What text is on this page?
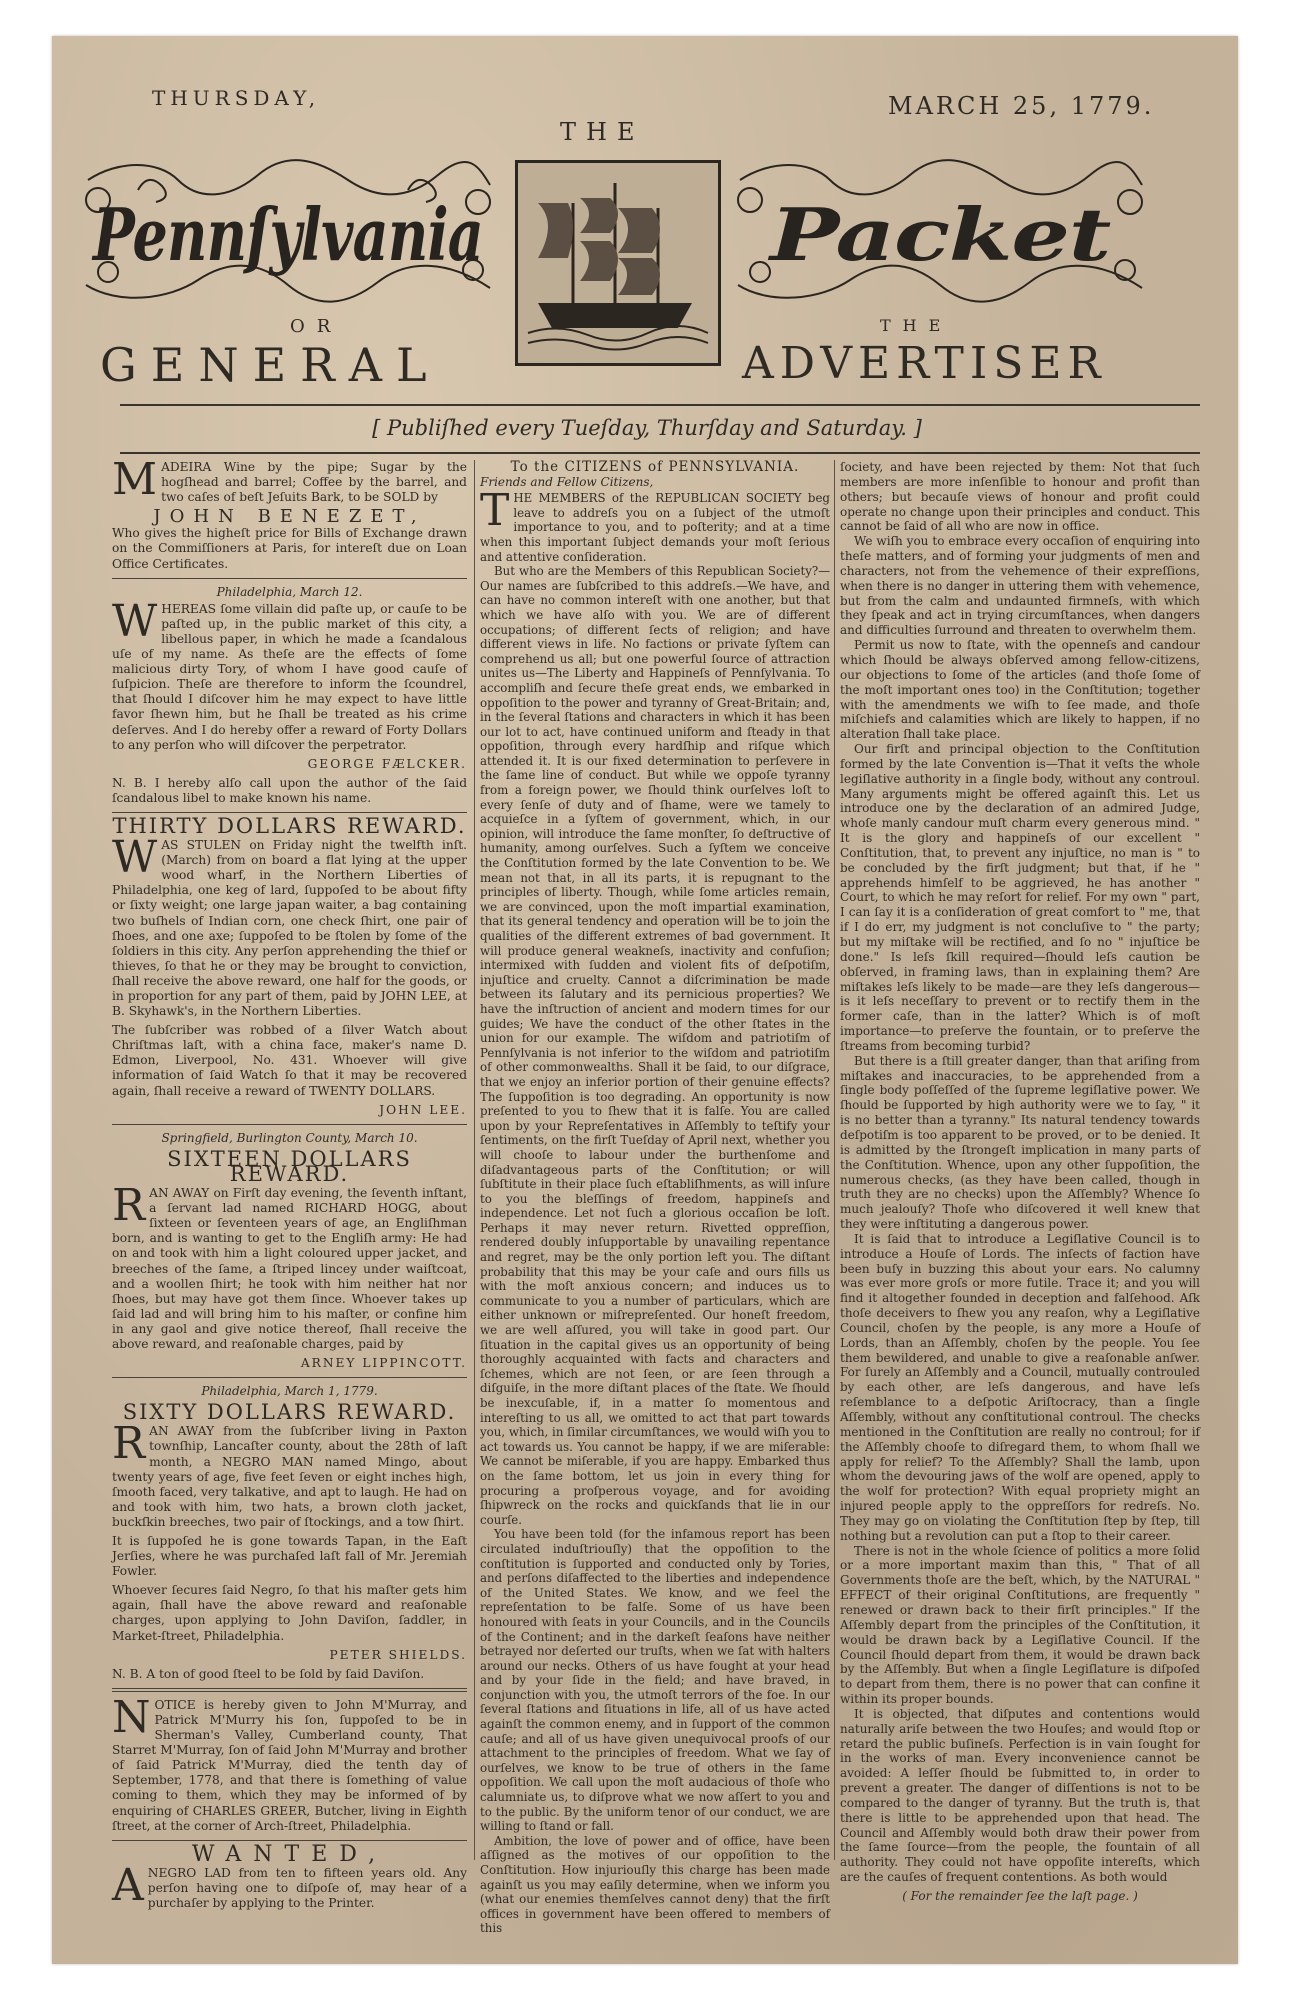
THURSDAY,	MARCH 25, 1779.
THE
Pennſylvania	Packet
OR	THE
GENERAL	ADVERTISER
[ Publiſhed every Tueſday, Thurſday and Saturday. ]
M ADEIRA Wine by the pipe; Sugar by the hogſhead and barrel; Coffee by the barrel, and two caſes of beſt Jeſuits Bark, to be SOLD by

JOHN BENEZET,

Who gives the higheſt price for Bills of Exchange drawn on the Commiſſioners at Paris, for intereſt due on Loan Office Certificates.

Philadelphia, March 12.
W HEREAS ſome villain did paſte up, or cauſe to be paſted up, in the public market of this city, a libellous paper, in which he made a ſcandalous uſe of my name. As theſe are the effects of ſome malicious dirty Tory, of whom I have good cauſe of ſuſpicion. Theſe are therefore to inform the ſcoundrel, that ſhould I diſcover him he may expect to have little favor ſhewn him, but he ſhall be treated as his crime deſerves. And I do hereby offer a reward of Forty Dollars to any perſon who will diſcover the perpetrator.

GEORGE FÆLCKER.

N. B. I hereby alſo call upon the author of the ſaid ſcandalous libel to make known his name.

THIRTY DOLLARS REWARD.
W AS STULEN on Friday night the twelfth inſt. (March) from on board a flat lying at the upper wood wharf, in the Northern Liberties of Philadelphia, one keg of lard, ſuppoſed to be about fifty or ſixty weight; one large japan waiter, a bag containing two buſhels of Indian corn, one check ſhirt, one pair of ſhoes, and one axe; ſuppoſed to be ſtolen by ſome of the ſoldiers in this city. Any perſon apprehending the thief or thieves, ſo that he or they may be brought to conviction, ſhall receive the above reward, one half for the goods, or in proportion for any part of them, paid by JOHN LEE, at B. Skyhawk's, in the Northern Liberties.

The ſubſcriber was robbed of a ſilver Watch about Chriſtmas laſt, with a china face, maker's name D. Edmon, Liverpool, No. 431. Whoever will give information of ſaid Watch ſo that it may be recovered again, ſhall receive a reward of TWENTY DOLLARS.

JOHN LEE.
Springfield, Burlington County, March 10.
SIXTEEN DOLLARS REWARD.
R AN AWAY on Firſt day evening, the ſeventh inſtant, a ſervant lad named RICHARD HOGG, about ſixteen or ſeventeen years of age, an Engliſhman born, and is wanting to get to the Engliſh army: He had on and took with him a light coloured upper jacket, and breeches of the ſame, a ſtriped lincey under waiſtcoat, and a woollen ſhirt; he took with him neither hat nor ſhoes, but may have got them ſince. Whoever takes up ſaid lad and will bring him to his maſter, or confine him in any gaol and give notice thereof, ſhall receive the above reward, and reaſonable charges, paid by

ARNEY LIPPINCOTT.
Philadelphia, March 1, 1779.
SIXTY DOLLARS REWARD.
R AN AWAY from the ſubſcriber living in Paxton townſhip, Lancaſter county, about the 28th of laſt month, a NEGRO MAN named Mingo, about twenty years of age, five feet ſeven or eight inches high, ſmooth faced, very talkative, and apt to laugh. He had on and took with him, two hats, a brown cloth jacket, buckſkin breeches, two pair of ſtockings, and a tow ſhirt.

It is ſuppoſed he is gone towards Tapan, in the Eaſt Jerſies, where he was purchaſed laſt fall of Mr. Jeremiah Fowler.

Whoever ſecures ſaid Negro, ſo that his maſter gets him again, ſhall have the above reward and reaſonable charges, upon applying to John Daviſon, ſaddler, in Market-ſtreet, Philadelphia.

PETER SHIELDS.

N. B. A ton of good ſteel to be ſold by ſaid Daviſon.

N OTICE is hereby given to John M'Murray, and Patrick M'Murry his ſon, ſuppoſed to be in Sherman's Valley, Cumberland county, That Starret M'Murray, ſon of ſaid John M'Murray and brother of ſaid Patrick M'Murray, died the tenth day of September, 1778, and that there is ſomething of value coming to them, which they may be informed of by enquiring of CHARLES GREER, Butcher, living in Eighth ſtreet, at the corner of Arch-ſtreet, Philadelphia.

WANTED,
A NEGRO LAD from ten to fifteen years old. Any perſon having one to diſpoſe of, may hear of a purchaſer by applying to the Printer.

To the CITIZENS of PENNSYLVANIA.
Friends and Fellow Citizens,
T HE MEMBERS of the REPUBLICAN SOCIETY beg leave to addreſs you on a ſubject of the utmoſt importance to you, and to poſterity; and at a time when this important ſubject demands your moſt ſerious and attentive conſideration.

But who are the Members of this Republican Society?—Our names are ſubſcribed to this addreſs.—We have, and can have no common intereſt with one another, but that which we have alſo with you. We are of different occupations; of different ſects of religion; and have different views in life. No factions or private ſyſtem can comprehend us all; but one powerful ſource of attraction unites us—The Liberty and Happineſs of Pennſylvania. To accompliſh and ſecure theſe great ends, we embarked in oppoſition to the power and tyranny of Great-Britain; and, in the ſeveral ſtations and characters in which it has been our lot to act, have continued uniform and ſteady in that oppoſition, through every hardſhip and riſque which attended it. It is our fixed determination to perſevere in the ſame line of conduct. But while we oppoſe tyranny from a foreign power, we ſhould think ourſelves loſt to every ſenſe of duty and of ſhame, were we tamely to acquieſce in a ſyſtem of government, which, in our opinion, will introduce the ſame monſter, ſo deſtructive of humanity, among ourſelves. Such a ſyſtem we conceive the Conſtitution formed by the late Convention to be. We mean not that, in all its parts, it is repugnant to the principles of liberty. Though, while ſome articles remain, we are convinced, upon the moſt impartial examination, that its general tendency and operation will be to join the qualities of the different extremes of bad government. It will produce general weakneſs, inactivity and confuſion; intermixed with ſudden and violent fits of deſpotiſm, injuſtice and cruelty. Cannot a diſcrimination be made between its ſalutary and its pernicious properties? We have the inſtruction of ancient and modern times for our guides; We have the conduct of the other ſtates in the union for our example. The wiſdom and patriotiſm of Pennſylvania is not inferior to the wiſdom and patriotiſm of other commonwealths. Shall it be ſaid, to our diſgrace, that we enjoy an inferior portion of their genuine effects? The ſuppoſition is too degrading. An opportunity is now preſented to you to ſhew that it is falſe. You are called upon by your Repreſentatives in Aſſembly to teſtify your ſentiments, on the firſt Tueſday of April next, whether you will chooſe to labour under the burthenſome and diſadvantageous parts of the Conſtitution; or will ſubſtitute in their place ſuch eſtabliſhments, as will inſure to you the bleſſings of freedom, happineſs and independence. Let not ſuch a glorious occaſion be loſt. Perhaps it may never return. Rivetted oppreſſion, rendered doubly inſupportable by unavailing repentance and regret, may be the only portion left you. The diſtant probability that this may be your caſe and ours fills us with the moſt anxious concern; and induces us to communicate to you a number of particulars, which are either unknown or miſrepreſented. Our honeſt freedom, we are well aſſured, you will take in good part. Our ſituation in the capital gives us an opportunity of being thoroughly acquainted with facts and characters and ſchemes, which are not ſeen, or are ſeen through a diſguiſe, in the more diſtant places of the ſtate. We ſhould be inexcuſable, if, in a matter ſo momentous and intereſting to us all, we omitted to act that part towards you, which, in ſimilar circumſtances, we would wiſh you to act towards us. You cannot be happy, if we are miſerable: We cannot be miſerable, if you are happy. Embarked thus on the ſame bottom, let us join in every thing for procuring a proſperous voyage, and for avoiding ſhipwreck on the rocks and quickſands that lie in our courſe.

You have been told (for the infamous report has been circulated induſtriouſly) that the oppoſition to the conſtitution is ſupported and conducted only by Tories, and perſons diſaffected to the liberties and independence of the United States. We know, and we feel the repreſentation to be falſe. Some of us have been honoured with ſeats in your Councils, and in the Councils of the Continent; and in the darkeſt ſeaſons have neither betrayed nor deſerted our truſts, when we ſat with halters around our necks. Others of us have fought at your head and by your ſide in the field; and have braved, in conjunction with you, the utmoſt terrors of the foe. In our ſeveral ſtations and ſituations in life, all of us have acted againſt the common enemy, and in ſupport of the common cauſe; and all of us have given unequivocal proofs of our attachment to the principles of freedom. What we ſay of ourſelves, we know to be true of others in the ſame oppoſition. We call upon the moſt audacious of thoſe who calumniate us, to diſprove what we now aſſert to you and to the public. By the uniform tenor of our conduct, we are willing to ſtand or fall.

Ambition, the love of power and of office, have been aſſigned as the motives of our oppoſition to the Conſtitution. How injuriouſly this charge has been made againſt us you may eaſily determine, when we inform you (what our enemies themſelves cannot deny) that the firſt offices in government have been offered to members of this

ſociety, and have been rejected by them: Not that ſuch members are more inſenſible to honour and profit than others; but becauſe views of honour and profit could operate no change upon their principles and conduct. This cannot be ſaid of all who are now in office.

We wiſh you to embrace every occaſion of enquiring into theſe matters, and of forming your judgments of men and characters, not from the vehemence of their expreſſions, when there is no danger in uttering them with vehemence, but from the calm and undaunted firmneſs, with which they ſpeak and act in trying circumſtances, when dangers and difficulties ſurround and threaten to overwhelm them.

Permit us now to ſtate, with the openneſs and candour which ſhould be always obſerved among fellow-citizens, our objections to ſome of the articles (and thoſe ſome of the moſt important ones too) in the Conſtitution; together with the amendments we wiſh to ſee made, and thoſe miſchiefs and calamities which are likely to happen, if no alteration ſhall take place.

Our firſt and principal objection to the Conſtitution formed by the late Convention is—That it veſts the whole legiſlative authority in a ſingle body, without any controul. Many arguments might be offered againſt this. Let us introduce one by the declaration of an admired Judge, whoſe manly candour muſt charm every generous mind. " It is the glory and happineſs of our excellent " Conſtitution, that, to prevent any injuſtice, no man is " to be concluded by the firſt judgment; but that, if he " apprehends himſelf to be aggrieved, he has another " Court, to which he may reſort for relief. For my own " part, I can ſay it is a conſideration of great comfort to " me, that if I do err, my judgment is not concluſive to " the party; but my miſtake will be rectified, and ſo no " injuſtice be done." Is leſs ſkill required—ſhould leſs caution be obſerved, in framing laws, than in explaining them? Are miſtakes leſs likely to be made—are they leſs dangerous—is it leſs neceſſary to prevent or to rectify them in the former caſe, than in the latter? Which is of moſt importance—to preſerve the fountain, or to preſerve the ſtreams from becoming turbid?

But there is a ſtill greater danger, than that ariſing from miſtakes and inaccuracies, to be apprehended from a ſingle body poſſeſſed of the ſupreme legiſlative power. We ſhould be ſupported by high authority were we to ſay, " it is no better than a tyranny." Its natural tendency towards deſpotiſm is too apparent to be proved, or to be denied. It is admitted by the ſtrongeſt implication in many parts of the Conſtitution. Whence, upon any other ſuppoſition, the numerous checks, (as they have been called, though in truth they are no checks) upon the Aſſembly? Whence ſo much jealouſy? Thoſe who diſcovered it well knew that they were inſtituting a dangerous power.

It is ſaid that to introduce a Legiſlative Council is to introduce a Houſe of Lords. The inſects of faction have been buſy in buzzing this about your ears. No calumny was ever more groſs or more futile. Trace it; and you will find it altogether founded in deception and falſehood. Aſk thoſe deceivers to ſhew you any reaſon, why a Legiſlative Council, choſen by the people, is any more a Houſe of Lords, than an Aſſembly, choſen by the people. You ſee them bewildered, and unable to give a reaſonable anſwer. For ſurely an Aſſembly and a Council, mutually controuled by each other, are leſs dangerous, and have leſs reſemblance to a deſpotic Ariſtocracy, than a ſingle Aſſembly, without any conſtitutional controul. The checks mentioned in the Conſtitution are really no controul; for if the Aſſembly chooſe to diſregard them, to whom ſhall we apply for relief? To the Aſſembly? Shall the lamb, upon whom the devouring jaws of the wolf are opened, apply to the wolf for protection? With equal propriety might an injured people apply to the oppreſſors for redreſs. No. They may go on violating the Conſtitution ſtep by ſtep, till nothing but a revolution can put a ſtop to their career.

There is not in the whole ſcience of politics a more ſolid or a more important maxim than this, " That of all Governments thoſe are the beſt, which, by the NATURAL " EFFECT of their original Conſtitutions, are frequently " renewed or drawn back to their firſt principles." If the Aſſembly depart from the principles of the Conſtitution, it would be drawn back by a Legiſlative Council. If the Council ſhould depart from them, it would be drawn back by the Aſſembly. But when a ſingle Legiſlature is diſpoſed to depart from them, there is no power that can confine it within its proper bounds.

It is objected, that diſputes and contentions would naturally ariſe between the two Houſes; and would ſtop or retard the public buſineſs. Perfection is in vain ſought for in the works of man. Every inconvenience cannot be avoided: A leſſer ſhould be ſubmitted to, in order to prevent a greater. The danger of diſſentions is not to be compared to the danger of tyranny. But the truth is, that there is little to be apprehended upon that head. The Council and Aſſembly would both draw their power from the ſame ſource—from the people, the fountain of all authority. They could not have oppoſite intereſts, which are the cauſes of frequent contentions. As both would

( For the remainder ſee the laſt page. )
